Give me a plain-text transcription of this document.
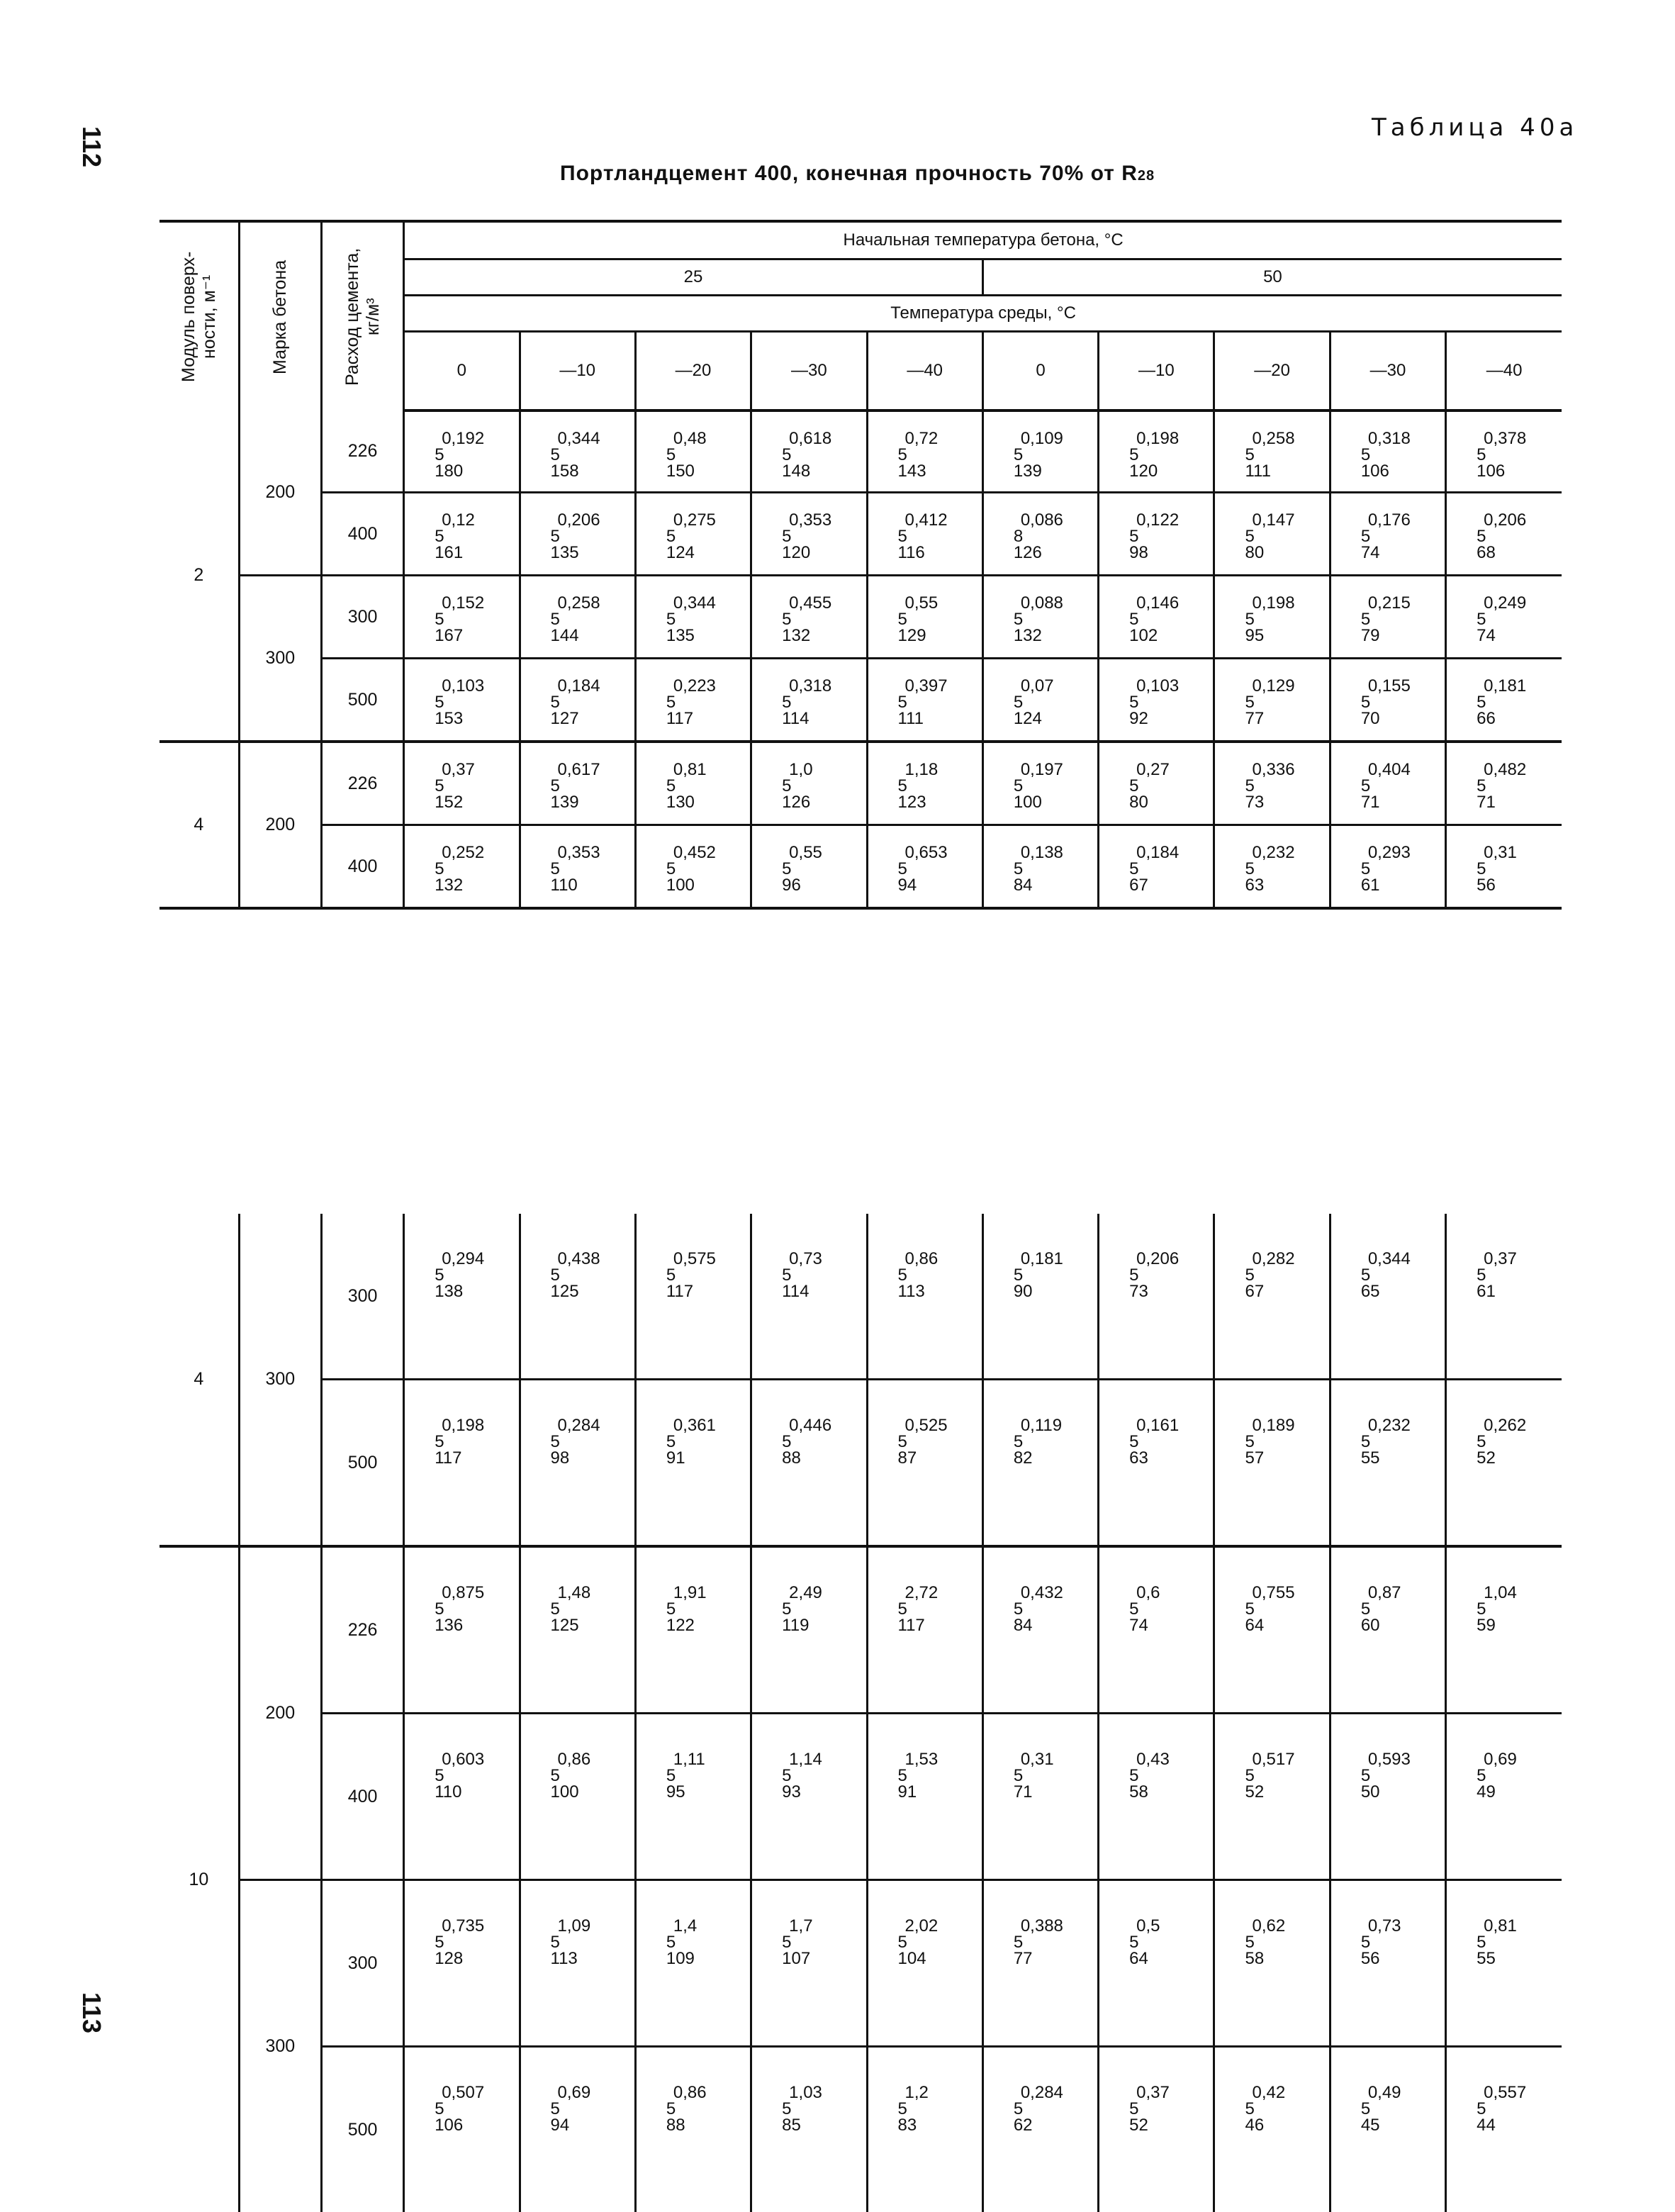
112
113
Таблица 40а
Портландцемент 400, конечная прочность 70% от R28
Модуль поверх-
ности, м⁻¹	Марка бетона	Расход цемента,
кг/м³	Начальная температура бетона, °С									
			25					50				
			Температура среды, °С									
			0	—10	—20	—30	—40	0	—10	—20	—30	—40
2	200	226	0,192
5
180	0,344
5
158	0,48
5
150	0,618
5
148	0,72
5
143	0,109
5
139	0,198
5
120	0,258
5
111	0,318
5
106	0,378
5
106

		400	0,12
5
161	0,206
5
135	0,275
5
124	0,353
5
120	0,412
5
116	0,086
8
126	0,122
5
98	0,147
5
80	0,176
5
74	0,206
5
68

	300	300	0,152
5
167	0,258
5
144	0,344
5
135	0,455
5
132	0,55
5
129	0,088
5
132	0,146
5
102	0,198
5
95	0,215
5
79	0,249
5
74

		500	0,103
5
153	0,184
5
127	0,223
5
117	0,318
5
114	0,397
5
111	0,07
5
124	0,103
5
92	0,129
5
77	0,155
5
70	0,181
5
66

4	200	226	0,37
5
152	0,617
5
139	0,81
5
130	1,0
5
126	1,18
5
123	0,197
5
100	0,27
5
80	0,336
5
73	0,404
5
71	0,482
5
71

		400	0,252
5
132	0,353
5
110	0,452
5
100	0,55
5
96	0,653
5
94	0,138
5
84	0,184
5
67	0,232
5
63	0,293
5
61	0,31
5
56
4	300	300	0,294
5
138	0,438
5
125	0,575
5
117	0,73
5
114	0,86
5
113	0,181
5
90	0,206
5
73	0,282
5
67	0,344
5
65	0,37
5
61

		500	0,198
5
117	0,284
5
98	0,361
5
91	0,446
5
88	0,525
5
87	0,119
5
82	0,161
5
63	0,189
5
57	0,232
5
55	0,262
5
52

10	200	226	0,875
5
136	1,48
5
125	1,91
5
122	2,49
5
119	2,72
5
117	0,432
5
84	0,6
5
74	0,755
5
64	0,87
5
60	1,04
5
59

		400	0,603
5
110	0,86
5
100	1,11
5
95	1,14
5
93	1,53
5
91	0,31
5
71	0,43
5
58	0,517
5
52	0,593
5
50	0,69
5
49

	300	300	0,735
5
128	1,09
5
113	1,4
5
109	1,7
5
107	2,02
5
104	0,388
5
77	0,5
5
64	0,62
5
58	0,73
5
56	0,81
5
55

		500	0,507
5
106	0,69
5
94	0,86
5
88	1,03
5
85	1,2
5
83	0,284
5
62	0,37
5
52	0,42
5
46	0,49
5
45	0,557
5
44
